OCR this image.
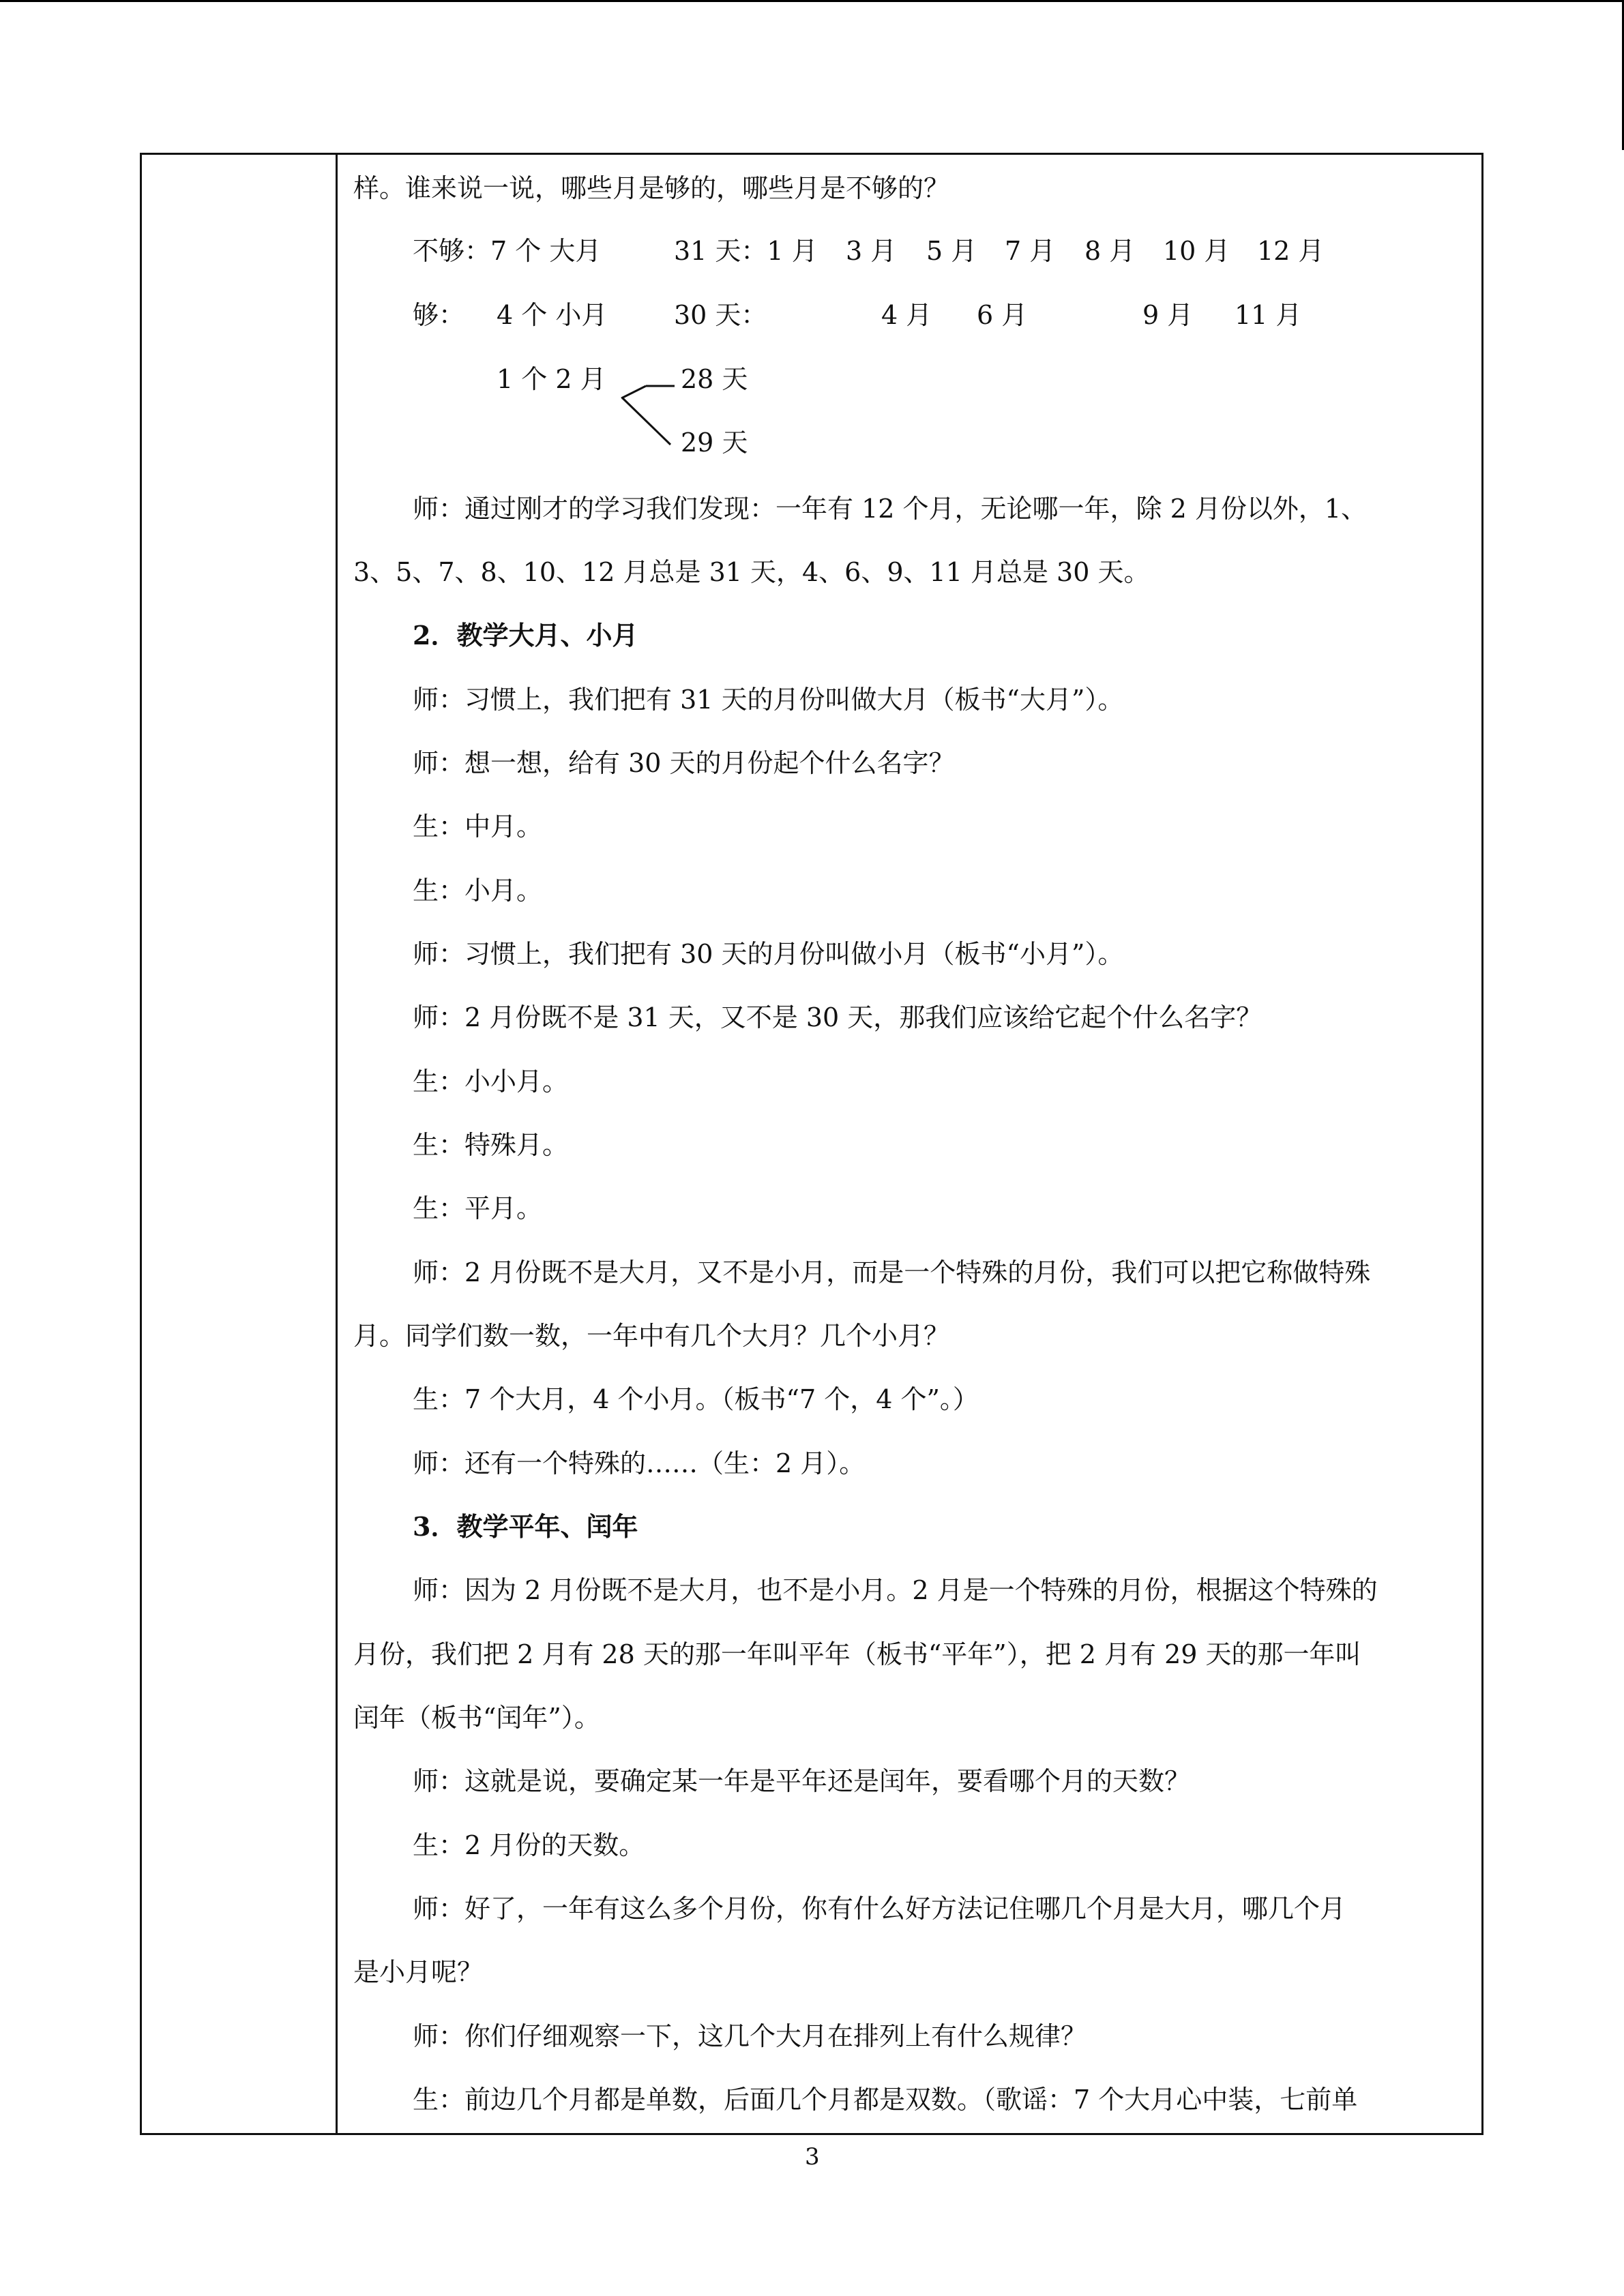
样。谁来说一说，哪些月是够的，哪些月是不够的？
不够：7 个 大月	31 天：1 月 3 月 5 月 7 月 8 月 10 月 12 月
够： 4 个 小月	30 天：	4 月 6 月	9 月 11 月
1 个 2 月	28 天
29 天
师：通过刚才的学习我们发现：一年有 12 个月，无论哪一年，除 2 月份以外，1、
3、5、7、8、10、12 月总是 31 天，4、6、9、11 月总是 30 天。
2．教学大月、小月
师：习惯上，我们把有 31 天的月份叫做大月（板书“大月”）。
师：想一想，给有 30 天的月份起个什么名字？
生：中月。
生：小月。
师：习惯上，我们把有 30 天的月份叫做小月（板书“小月”）。
师：2 月份既不是 31 天，又不是 30 天，那我们应该给它起个什么名字？
生：小小月。
生：特殊月。
生：平月。
师：2 月份既不是大月，又不是小月，而是一个特殊的月份，我们可以把它称做特殊
月。同学们数一数，一年中有几个大月？几个小月？
生：7 个大月，4 个小月。（板书“7 个，4 个”。）
师：还有一个特殊的……（生：2 月）。
3．教学平年、闰年
师：因为 2 月份既不是大月，也不是小月。2 月是一个特殊的月份，根据这个特殊的
月份，我们把 2 月有 28 天的那一年叫平年（板书“平年”），把 2 月有 29 天的那一年叫
闰年（板书“闰年”）。
师：这就是说，要确定某一年是平年还是闰年，要看哪个月的天数？
生：2 月份的天数。
师：好了，一年有这么多个月份，你有什么好方法记住哪几个月是大月，哪几个月
是小月呢？
师：你们仔细观察一下，这几个大月在排列上有什么规律？
生：前边几个月都是单数，后面几个月都是双数。（歌谣：7 个大月心中装，七前单
3
